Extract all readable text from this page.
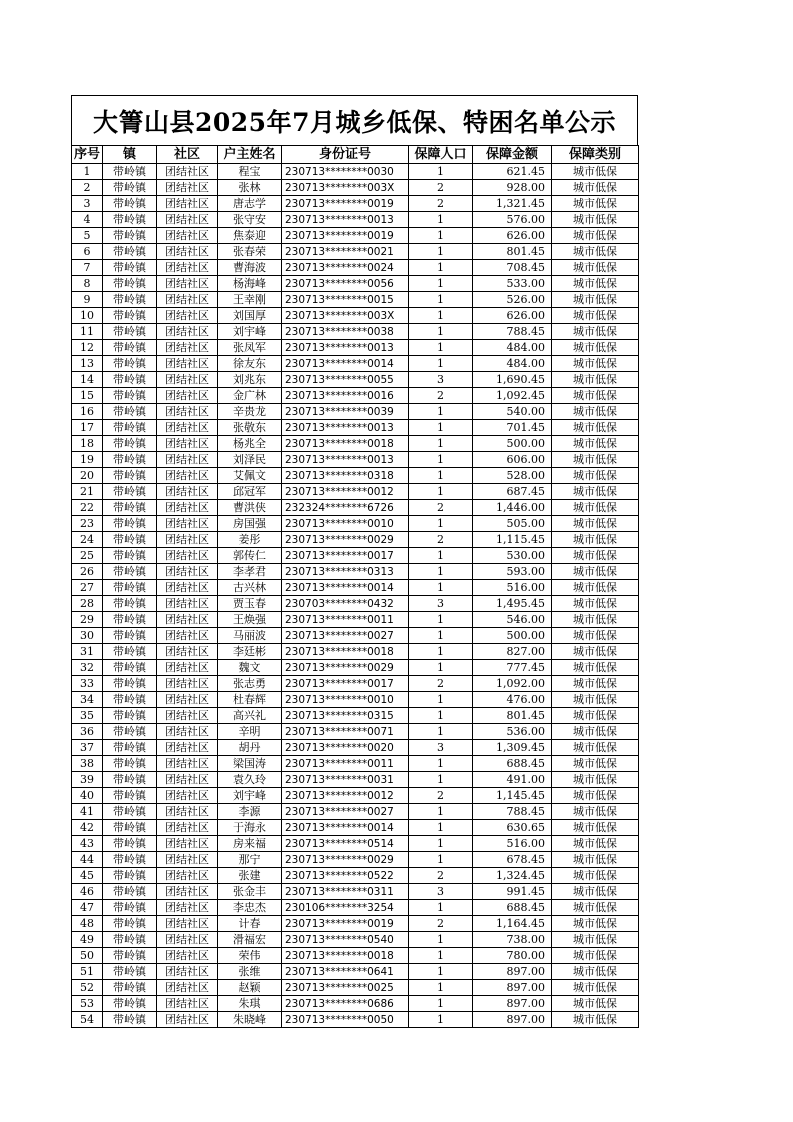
大箐山县2025年7月城乡低保、特困名单公示
序号	镇	社区	户主姓名	身份证号	保障人口	保障金额	保障类别
1	带岭镇	团结社区	程宝	230713********0030	1	621.45	城市低保
2	带岭镇	团结社区	张林	230713********003X	2	928.00	城市低保
3	带岭镇	团结社区	唐志学	230713********0019	2	1,321.45	城市低保
4	带岭镇	团结社区	张守安	230713********0013	1	576.00	城市低保
5	带岭镇	团结社区	焦泰迎	230713********0019	1	626.00	城市低保
6	带岭镇	团结社区	张春荣	230713********0021	1	801.45	城市低保
7	带岭镇	团结社区	曹海波	230713********0024	1	708.45	城市低保
8	带岭镇	团结社区	杨海峰	230713********0056	1	533.00	城市低保
9	带岭镇	团结社区	王幸刚	230713********0015	1	526.00	城市低保
10	带岭镇	团结社区	刘国厚	230713********003X	1	626.00	城市低保
11	带岭镇	团结社区	刘宇峰	230713********0038	1	788.45	城市低保
12	带岭镇	团结社区	张凤军	230713********0013	1	484.00	城市低保
13	带岭镇	团结社区	徐友东	230713********0014	1	484.00	城市低保
14	带岭镇	团结社区	刘兆东	230713********0055	3	1,690.45	城市低保
15	带岭镇	团结社区	金广林	230713********0016	2	1,092.45	城市低保
16	带岭镇	团结社区	辛贵龙	230713********0039	1	540.00	城市低保
17	带岭镇	团结社区	张敬东	230713********0013	1	701.45	城市低保
18	带岭镇	团结社区	杨兆全	230713********0018	1	500.00	城市低保
19	带岭镇	团结社区	刘泽民	230713********0013	1	606.00	城市低保
20	带岭镇	团结社区	艾佩文	230713********0318	1	528.00	城市低保
21	带岭镇	团结社区	邱冠军	230713********0012	1	687.45	城市低保
22	带岭镇	团结社区	曹洪侠	232324********6726	2	1,446.00	城市低保
23	带岭镇	团结社区	房国强	230713********0010	1	505.00	城市低保
24	带岭镇	团结社区	姜彤	230713********0029	2	1,115.45	城市低保
25	带岭镇	团结社区	郭传仁	230713********0017	1	530.00	城市低保
26	带岭镇	团结社区	李孝君	230713********0313	1	593.00	城市低保
27	带岭镇	团结社区	古兴林	230713********0014	1	516.00	城市低保
28	带岭镇	团结社区	贾玉春	230703********0432	3	1,495.45	城市低保
29	带岭镇	团结社区	王焕强	230713********0011	1	546.00	城市低保
30	带岭镇	团结社区	马丽波	230713********0027	1	500.00	城市低保
31	带岭镇	团结社区	李廷彬	230713********0018	1	827.00	城市低保
32	带岭镇	团结社区	魏文	230713********0029	1	777.45	城市低保
33	带岭镇	团结社区	张志勇	230713********0017	2	1,092.00	城市低保
34	带岭镇	团结社区	杜春辉	230713********0010	1	476.00	城市低保
35	带岭镇	团结社区	高兴礼	230713********0315	1	801.45	城市低保
36	带岭镇	团结社区	辛明	230713********0071	1	536.00	城市低保
37	带岭镇	团结社区	胡丹	230713********0020	3	1,309.45	城市低保
38	带岭镇	团结社区	梁国涛	230713********0011	1	688.45	城市低保
39	带岭镇	团结社区	袁久玲	230713********0031	1	491.00	城市低保
40	带岭镇	团结社区	刘宇峰	230713********0012	2	1,145.45	城市低保
41	带岭镇	团结社区	李源	230713********0027	1	788.45	城市低保
42	带岭镇	团结社区	于海永	230713********0014	1	630.65	城市低保
43	带岭镇	团结社区	房来福	230713********0514	1	516.00	城市低保
44	带岭镇	团结社区	那宁	230713********0029	1	678.45	城市低保
45	带岭镇	团结社区	张建	230713********0522	2	1,324.45	城市低保
46	带岭镇	团结社区	张金丰	230713********0311	3	991.45	城市低保
47	带岭镇	团结社区	李忠杰	230106********3254	1	688.45	城市低保
48	带岭镇	团结社区	计春	230713********0019	2	1,164.45	城市低保
49	带岭镇	团结社区	滑福宏	230713********0540	1	738.00	城市低保
50	带岭镇	团结社区	荣伟	230713********0018	1	780.00	城市低保
51	带岭镇	团结社区	张维	230713********0641	1	897.00	城市低保
52	带岭镇	团结社区	赵颖	230713********0025	1	897.00	城市低保
53	带岭镇	团结社区	朱琪	230713********0686	1	897.00	城市低保
54	带岭镇	团结社区	朱晓峰	230713********0050	1	897.00	城市低保
